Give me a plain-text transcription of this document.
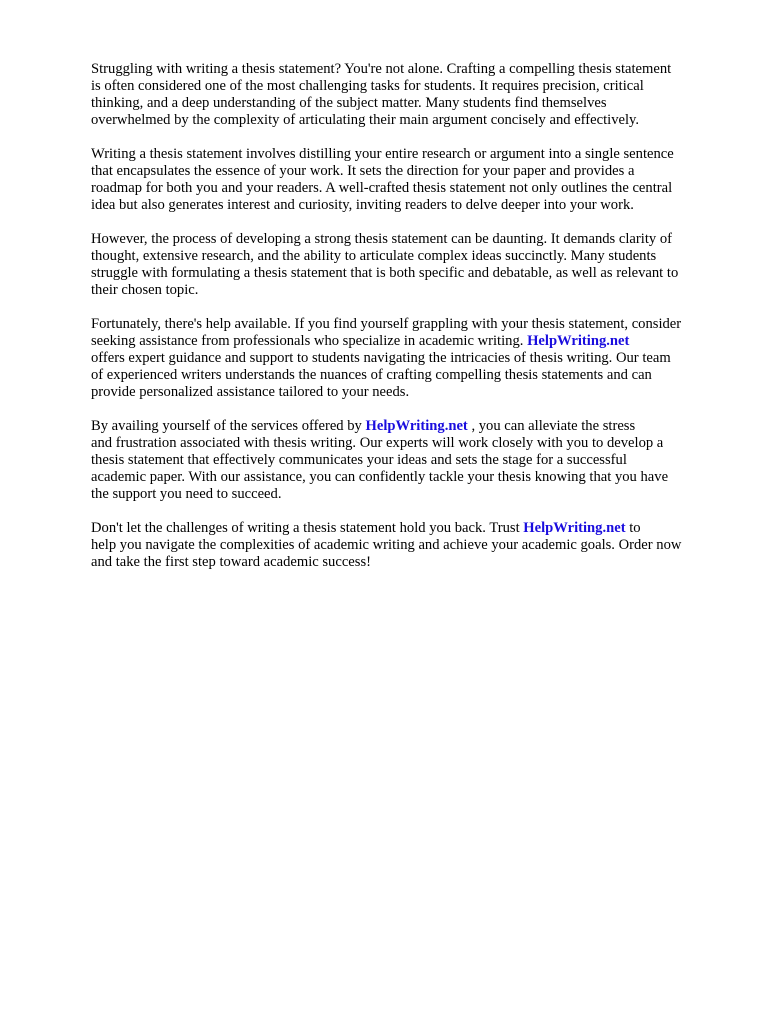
Struggling with writing a thesis statement? You're not alone. Crafting a compelling thesis statement
is often considered one of the most challenging tasks for students. It requires precision, critical
thinking, and a deep understanding of the subject matter. Many students find themselves
overwhelmed by the complexity of articulating their main argument concisely and effectively.

Writing a thesis statement involves distilling your entire research or argument into a single sentence
that encapsulates the essence of your work. It sets the direction for your paper and provides a
roadmap for both you and your readers. A well-crafted thesis statement not only outlines the central
idea but also generates interest and curiosity, inviting readers to delve deeper into your work.

However, the process of developing a strong thesis statement can be daunting. It demands clarity of
thought, extensive research, and the ability to articulate complex ideas succinctly. Many students
struggle with formulating a thesis statement that is both specific and debatable, as well as relevant to
their chosen topic.

Fortunately, there's help available. If you find yourself grappling with your thesis statement, consider
seeking assistance from professionals who specialize in academic writing. HelpWriting.net
offers expert guidance and support to students navigating the intricacies of thesis writing. Our team
of experienced writers understands the nuances of crafting compelling thesis statements and can
provide personalized assistance tailored to your needs.

By availing yourself of the services offered by HelpWriting.net , you can alleviate the stress
and frustration associated with thesis writing. Our experts will work closely with you to develop a
thesis statement that effectively communicates your ideas and sets the stage for a successful
academic paper. With our assistance, you can confidently tackle your thesis knowing that you have
the support you need to succeed.

Don't let the challenges of writing a thesis statement hold you back. Trust HelpWriting.net to
help you navigate the complexities of academic writing and achieve your academic goals. Order now
and take the first step toward academic success!
